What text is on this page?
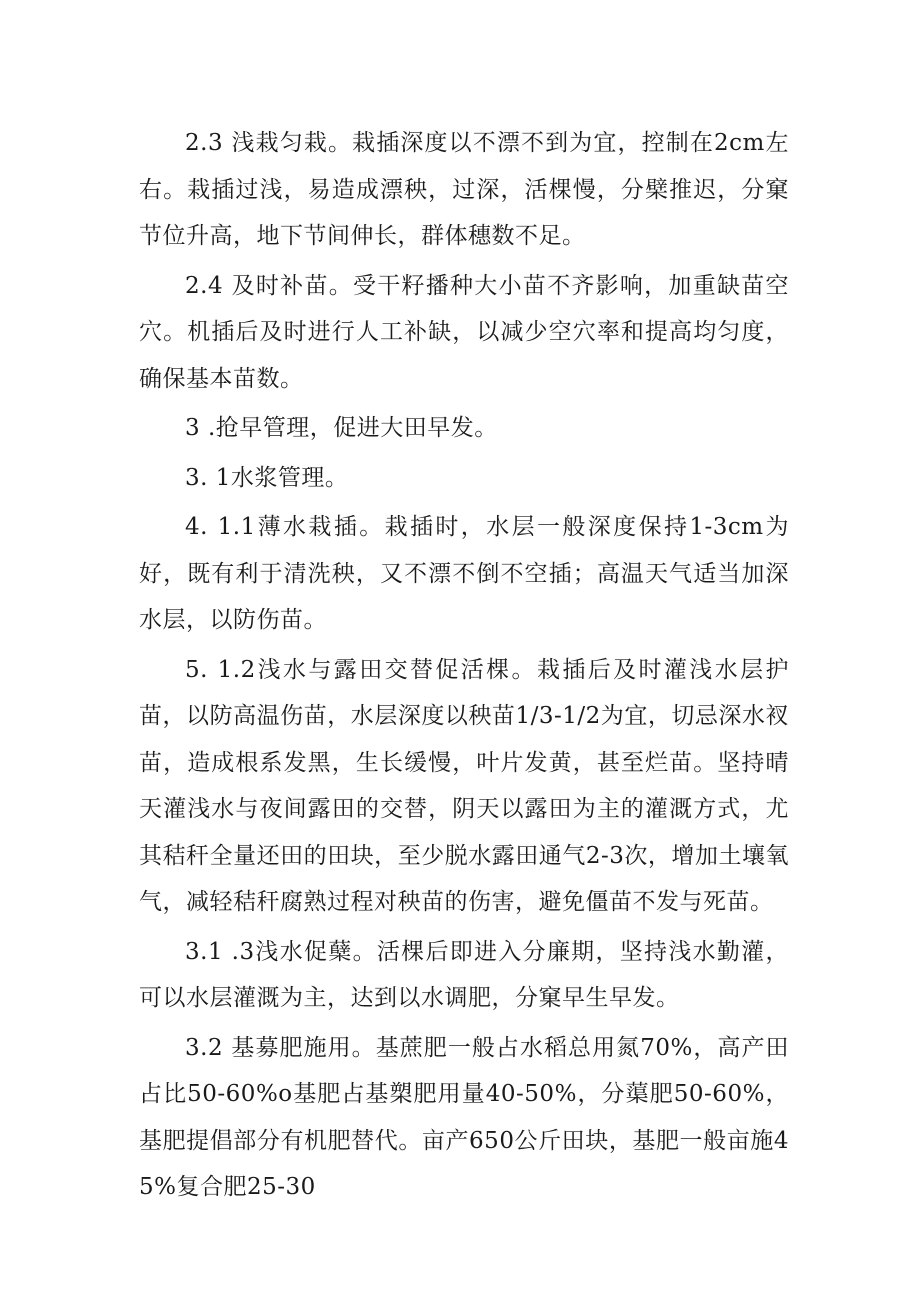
2.3 浅栽匀栽。栽插深度以不漂不到为宜，控制在2cm左右。栽插过浅，易造成漂秧，过深，活棵慢，分檗推迟，分窠节位升高，地下节间伸长，群体穗数不足。

2.4 及时补苗。受干籽播种大小苗不齐影响，加重缺苗空穴。机插后及时进行人工补缺，以减少空穴率和提高均匀度，确保基本苗数。

3 .抢早管理，促进大田早发。

3. 1水浆管理。

4. 1.1薄水栽插。栽插时，水层一般深度保持1-3cm为好，既有利于清洗秧，又不漂不倒不空插；高温天气适当加深水层，以防伤苗。

5. 1.2浅水与露田交替促活棵。栽插后及时灌浅水层护苗，以防高温伤苗，水层深度以秧苗1/3-1/2为宜，切忌深水衩苗，造成根系发黑，生长缓慢，叶片发黄，甚至烂苗。坚持晴天灌浅水与夜间露田的交替，阴天以露田为主的灌溉方式，尤其秸秆全量还田的田块，至少脱水露田通气2-3次，增加土壤氧气，减轻秸秆腐熟过程对秧苗的伤害，避免僵苗不发与死苗。

3.1 .3浅水促蘖。活棵后即进入分廉期，坚持浅水勤灌，可以水层灌溉为主，达到以水调肥，分窠早生早发。

3.2 基募肥施用。基蔗肥一般占水稻总用氮70%，高产田占比50-60%o基肥占基槊肥用量40-50%，分蕖肥50-60%，基肥提倡部分有机肥替代。亩产650公斤田块，基肥一般亩施45%复合肥25-30
